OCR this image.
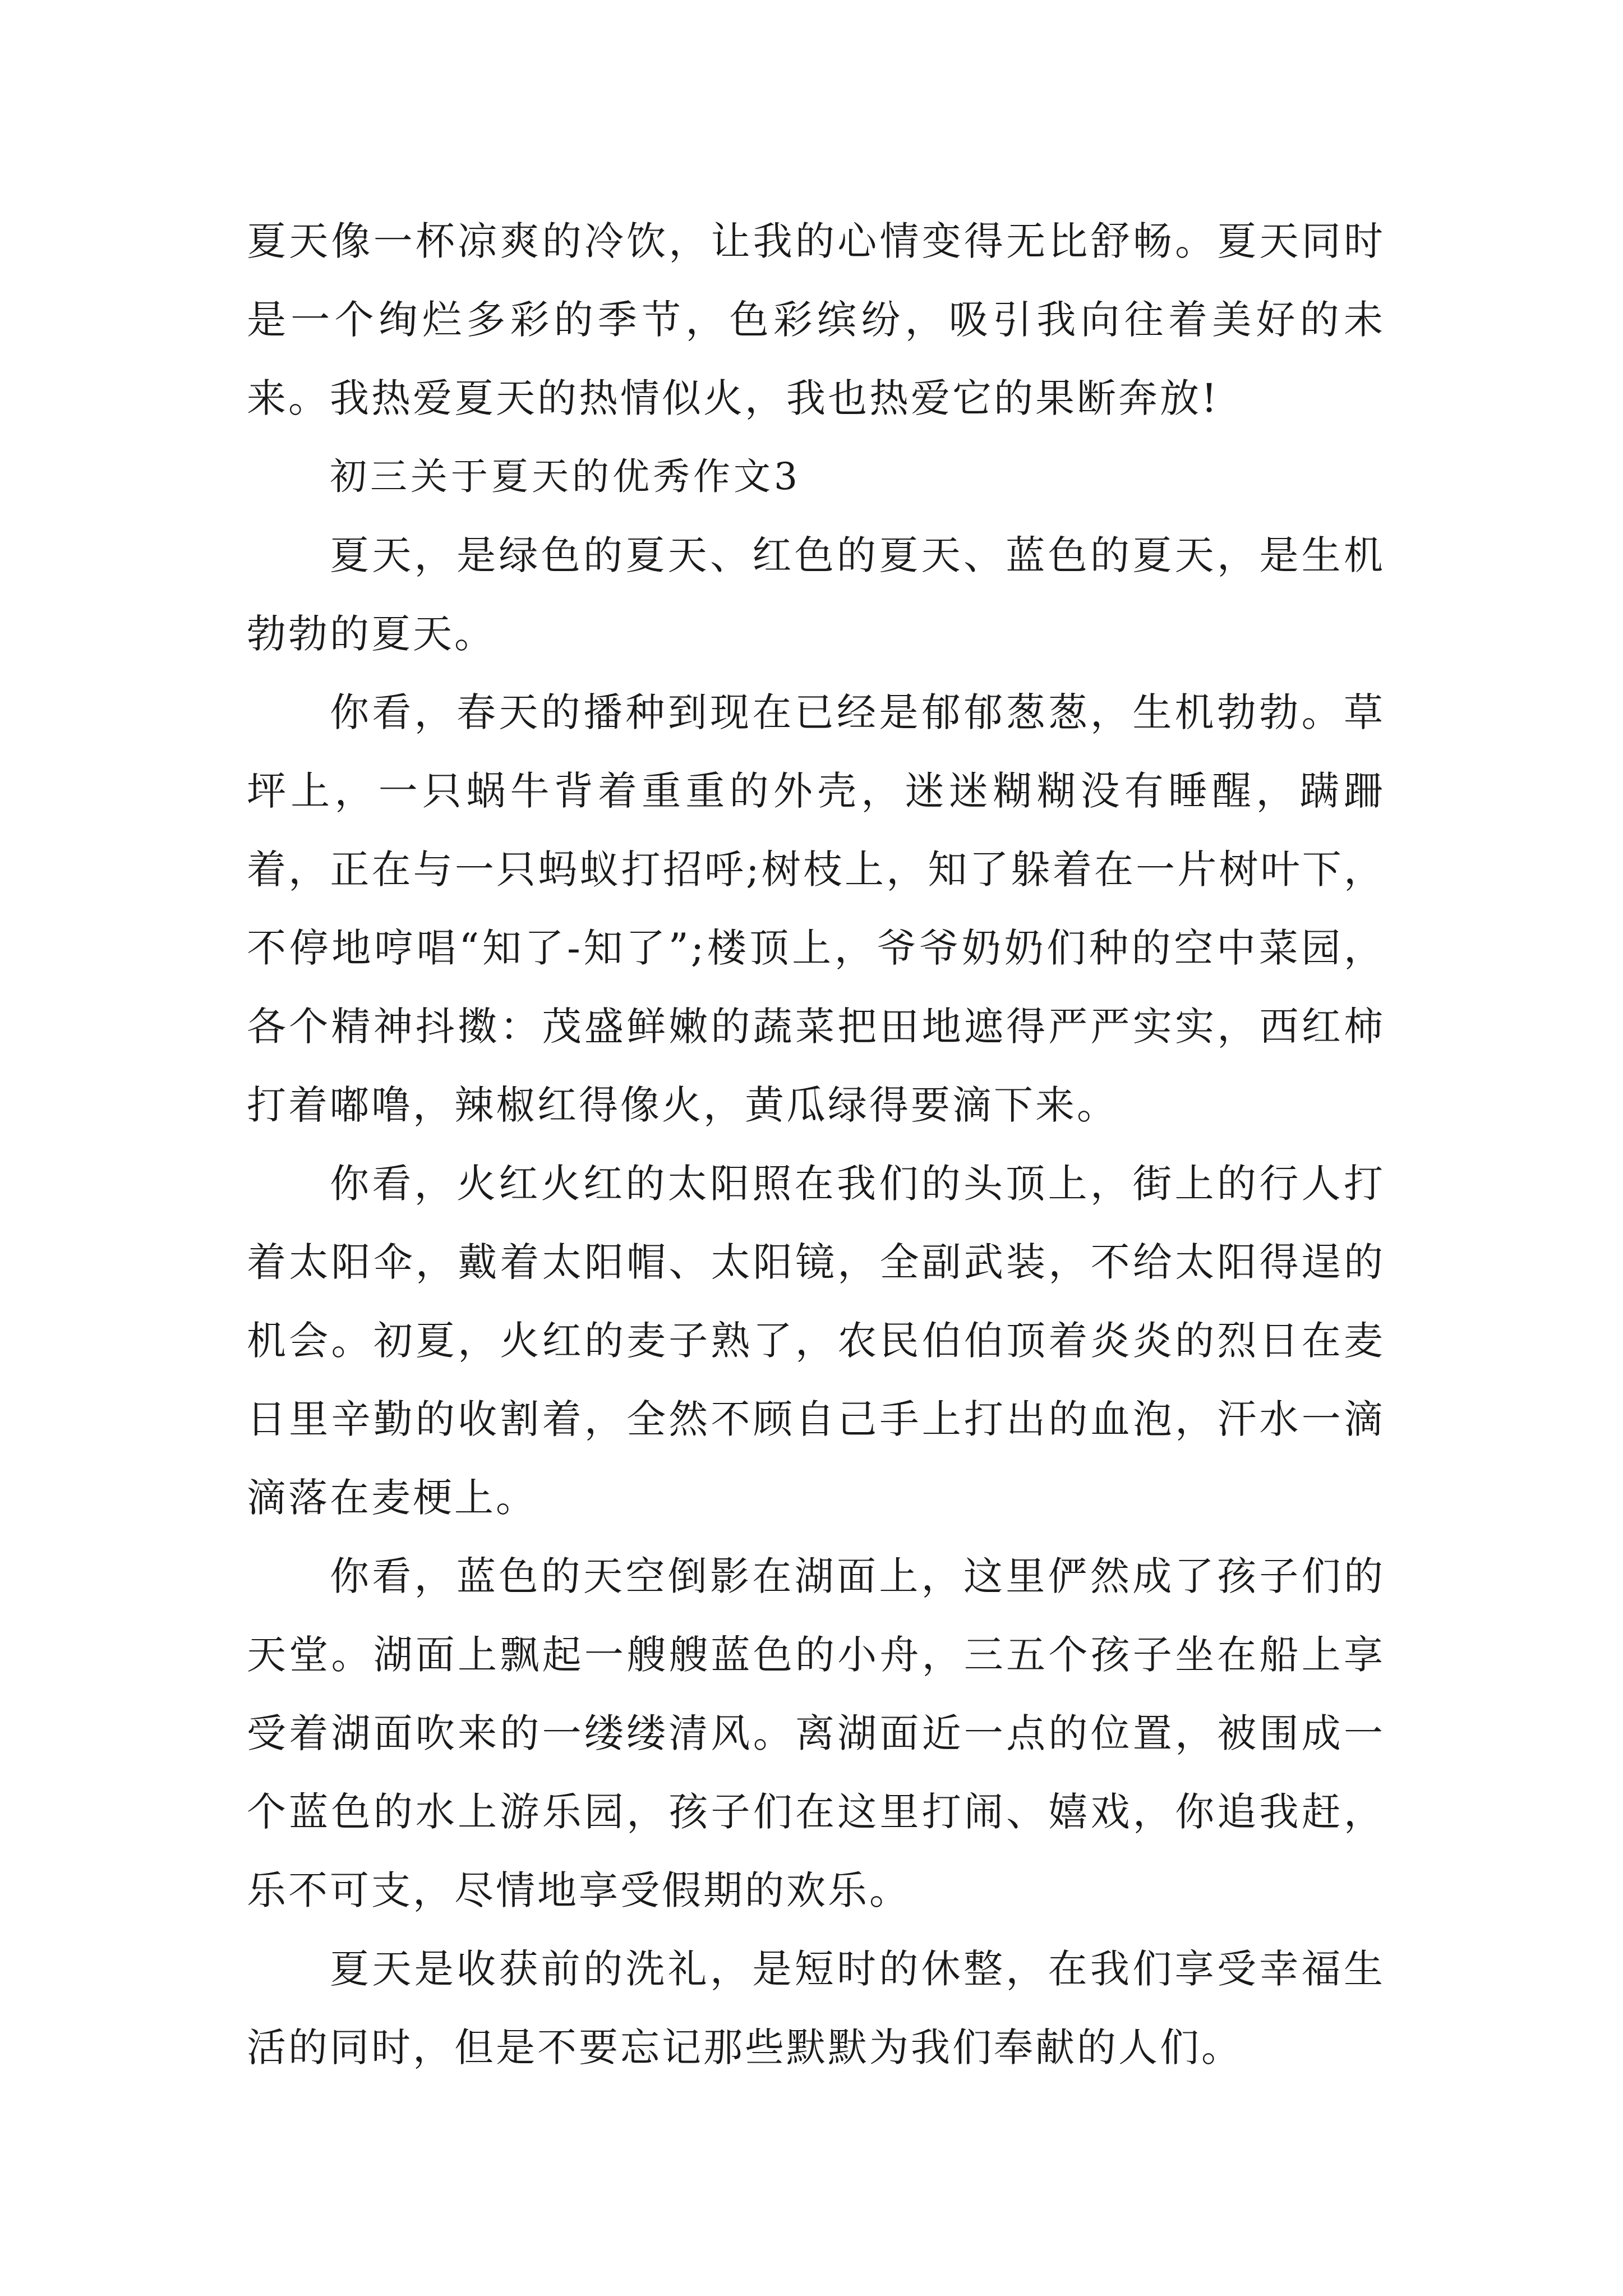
夏天像一杯凉爽的冷饮，让我的心情变得无比舒畅。夏天同时是一个绚烂多彩的季节，色彩缤纷，吸引我向往着美好的未来。我热爱夏天的热情似火，我也热爱它的果断奔放!

初三关于夏天的优秀作文3

夏天，是绿色的夏天、红色的夏天、蓝色的夏天，是生机勃勃的夏天。

你看，春天的播种到现在已经是郁郁葱葱，生机勃勃。草坪上，一只蜗牛背着重重的外壳，迷迷糊糊没有睡醒，蹒跚着，正在与一只蚂蚁打招呼;树枝上，知了躲着在一片树叶下，不停地哼唱“知了-知了”;楼顶上，爷爷奶奶们种的空中菜园，各个精神抖擞：茂盛鲜嫩的蔬菜把田地遮得严严实实，西红柿打着嘟噜，辣椒红得像火，黄瓜绿得要滴下来。

你看，火红火红的太阳照在我们的头顶上，街上的行人打着太阳伞，戴着太阳帽、太阳镜，全副武装，不给太阳得逞的机会。初夏，火红的麦子熟了，农民伯伯顶着炎炎的烈日在麦日里辛勤的收割着，全然不顾自己手上打出的血泡，汗水一滴滴落在麦梗上。

你看，蓝色的天空倒影在湖面上，这里俨然成了孩子们的天堂。湖面上飘起一艘艘蓝色的小舟，三五个孩子坐在船上享受着湖面吹来的一缕缕清风。离湖面近一点的位置，被围成一个蓝色的水上游乐园，孩子们在这里打闹、嬉戏，你追我赶，乐不可支，尽情地享受假期的欢乐。

夏天是收获前的洗礼，是短时的休整，在我们享受幸福生活的同时，但是不要忘记那些默默为我们奉献的人们。
